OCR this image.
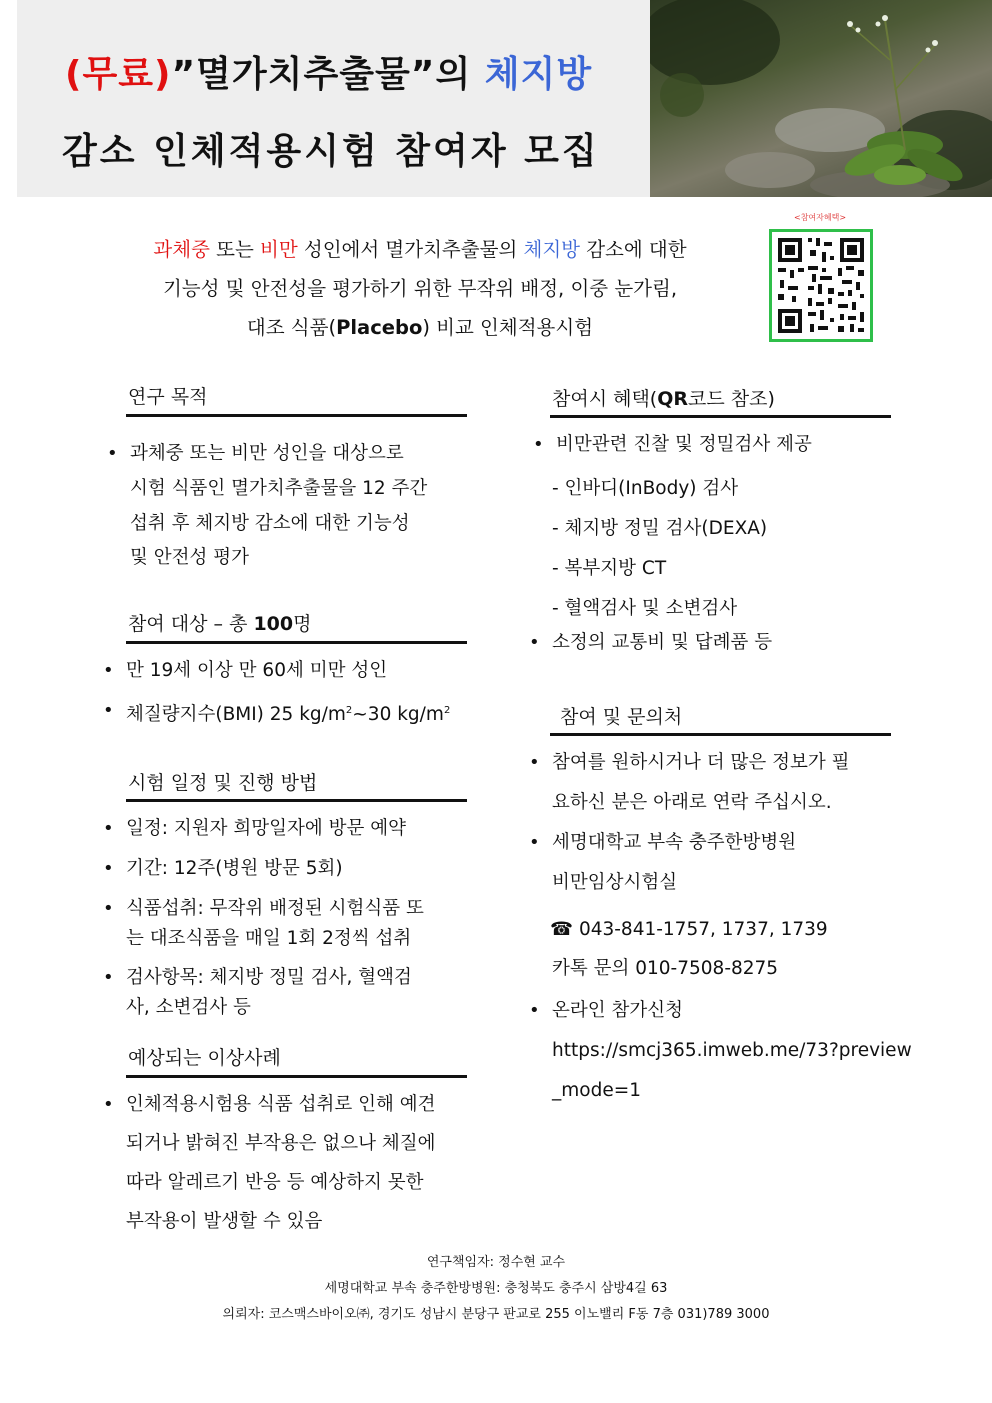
(무료)”멸가치추출물”의 체지방
감소 인체적용시험 참여자 모집
과체중 또는 비만 성인에서 멸가치추출물의 체지방 감소에 대한
기능성 및 안전성을 평가하기 위한 무작위 배정, 이중 눈가림,
대조 식품(Placebo) 비교 인체적용시험
<참여자혜택>
연구 목적
• 과체중 또는 비만 성인을 대상으로
시험 식품인 멸가치추출물을 12 주간
섭취 후 체지방 감소에 대한 기능성
및 안전성 평가
참여 대상 – 총 100명
• 만 19세 이상 만 60세 미만 성인
• 체질량지수(BMI) 25 $kg/m^2\sim 30$ $kg/m^2$
시험 일정 및 진행 방법
• 일정: 지원자 희망일자에 방문 예약
• 기간: 12주(병원 방문 5회)
• 식품섭취: 무작위 배정된 시험식품 또
는 대조식품을 매일 1회 2정씩 섭취
• 검사항목: 체지방 정밀 검사, 혈액검
사, 소변검사 등
예상되는 이상사례
• 인체적용시험용 식품 섭취로 인해 예견
되거나 밝혀진 부작용은 없으나 체질에
따라 알레르기 반응 등 예상하지 못한
부작용이 발생할 수 있음
참여시 혜택(QR코드 참조)
• 비만관련 진찰 및 정밀검사 제공
- 인바디(InBody) 검사
- 체지방 정밀 검사(DEXA)
- 복부지방 CT
- 혈액검사 및 소변검사
• 소정의 교통비 및 답례품 등
참여 및 문의처
• 참여를 원하시거나 더 많은 정보가 필
요하신 분은 아래로 연락 주십시오.
• 세명대학교 부속 충주한방병원
비만임상시험실
☎ 043-841-1757, 1737, 1739
카톡 문의 010-7508-8275
• 온라인 참가신청
https://smcj365.imweb.me/73?preview
_mode=1
연구책임자: 정수현 교수
세명대학교 부속 충주한방병원: 충청북도 충주시 삼방4길 63
의뢰자: 코스맥스바이오㈜, 경기도 성남시 분당구 판교로 255 이노밸리 F동 7층 031)789 3000
